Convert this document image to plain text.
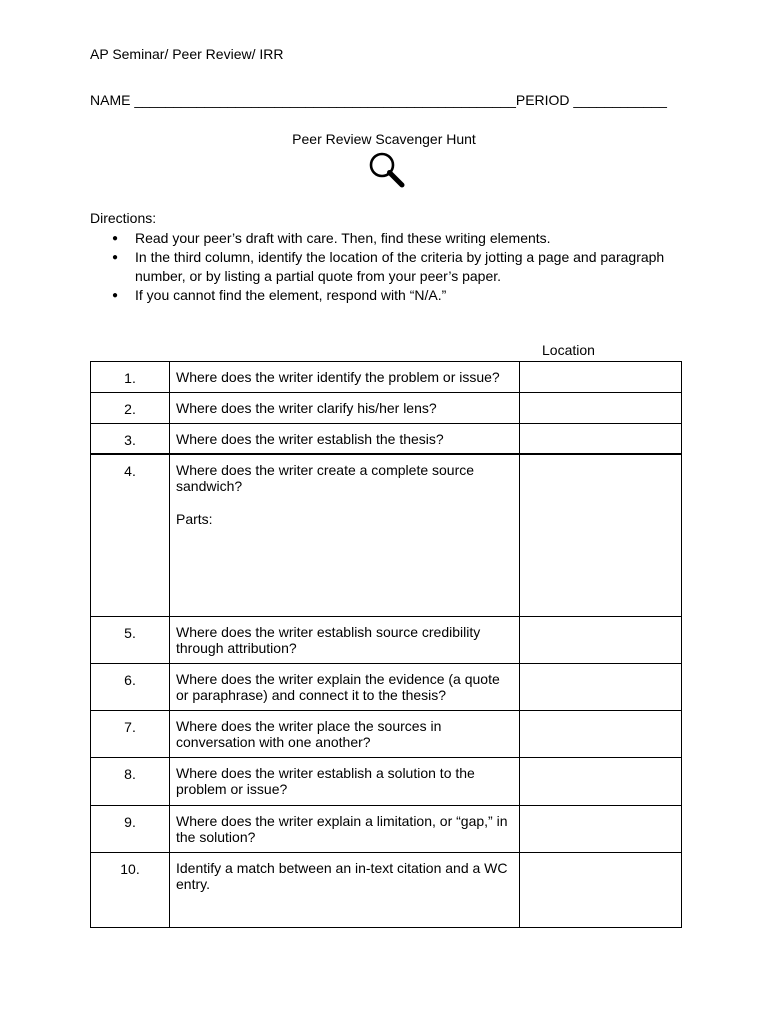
AP Seminar/ Peer Review/ IRR
NAME _________________________________________________PERIOD ____________
Peer Review Scavenger Hunt
Directions:
● Read your peer’s draft with care. Then, find these writing elements.
● In the third column, identify the location of the criteria by jotting a page and paragraph number, or by listing a partial quote from your peer’s paper.
● If you cannot find the element, respond with “N/A.”
Location
1.	Where does the writer identify the problem or issue?	
2.	Where does the writer clarify his/her lens?	
3.	Where does the writer establish the thesis?	
4.	Where does the writer create a complete source sandwich?
Parts:	

5.	Where does the writer establish source credibility through attribution?	
6.	Where does the writer explain the evidence (a quote or paraphrase) and connect it to the thesis?	
7.	Where does the writer place the sources in conversation with one another?	
8.	Where does the writer establish a solution to the problem or issue?	
9.	Where does the writer explain a limitation, or “gap,” in the solution?	
10.	Identify a match between an in-text citation and a WC entry.	
